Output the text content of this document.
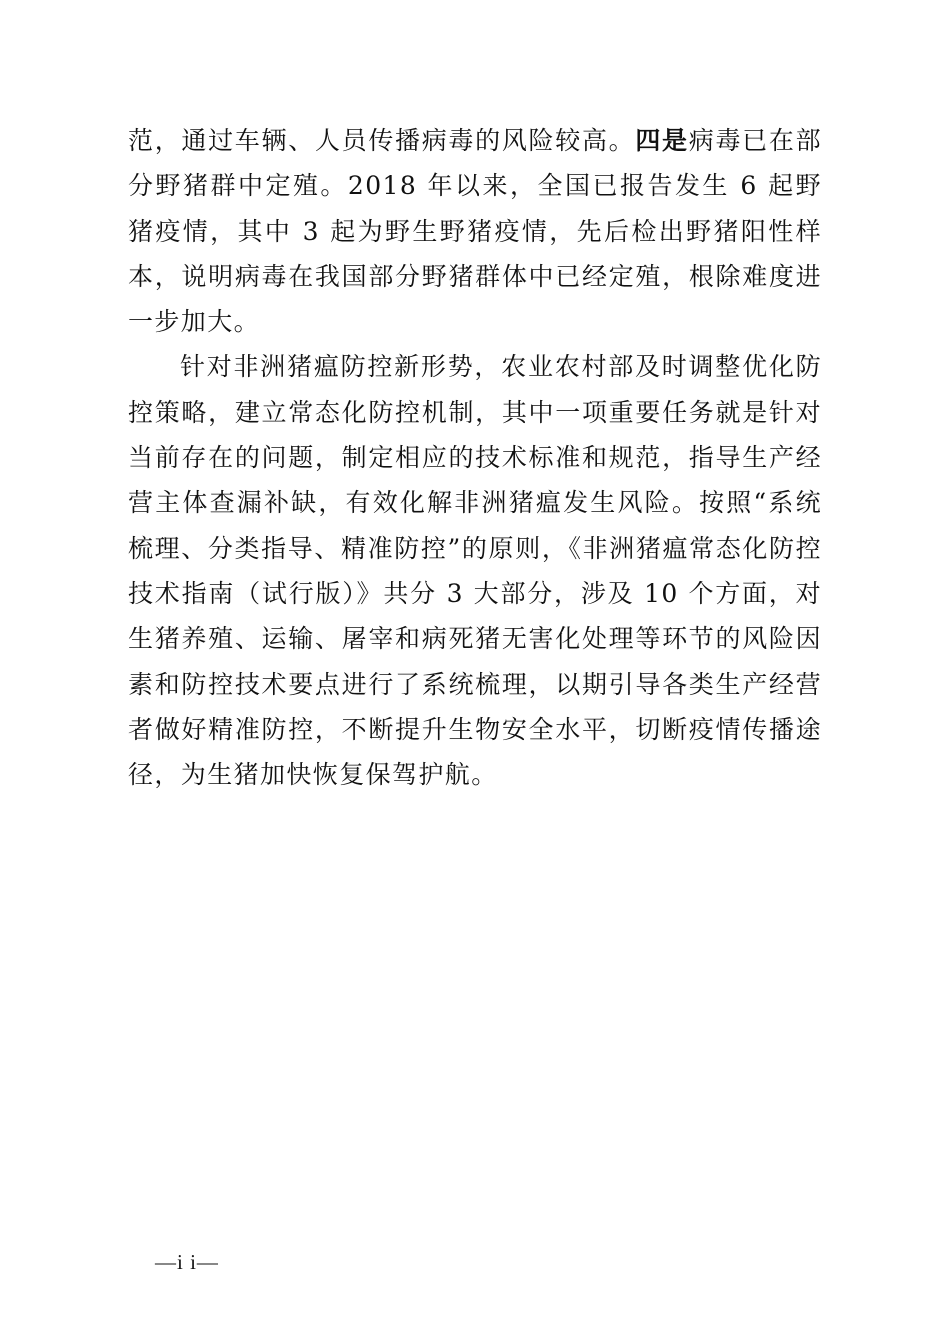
范，通过车辆、人员传播病毒的风险较高。四是病毒已在部分野猪群中定殖。2018 年以来，全国已报告发生 6 起野猪疫情，其中 3 起为野生野猪疫情，先后检出野猪阳性样本，说明病毒在我国部分野猪群体中已经定殖，根除难度进一步加大。

针对非洲猪瘟防控新形势，农业农村部及时调整优化防控策略，建立常态化防控机制，其中一项重要任务就是针对当前存在的问题，制定相应的技术标准和规范，指导生产经营主体查漏补缺，有效化解非洲猪瘟发生风险。按照“系统梳理、分类指导、精准防控”的原则，《非洲猪瘟常态化防控技术指南（试行版）》共分 3 大部分，涉及 10 个方面，对生猪养殖、运输、屠宰和病死猪无害化处理等环节的风险因素和防控技术要点进行了系统梳理，以期引导各类生产经营者做好精准防控，不断提升生物安全水平，切断疫情传播途径，为生猪加快恢复保驾护航。

—i i—
